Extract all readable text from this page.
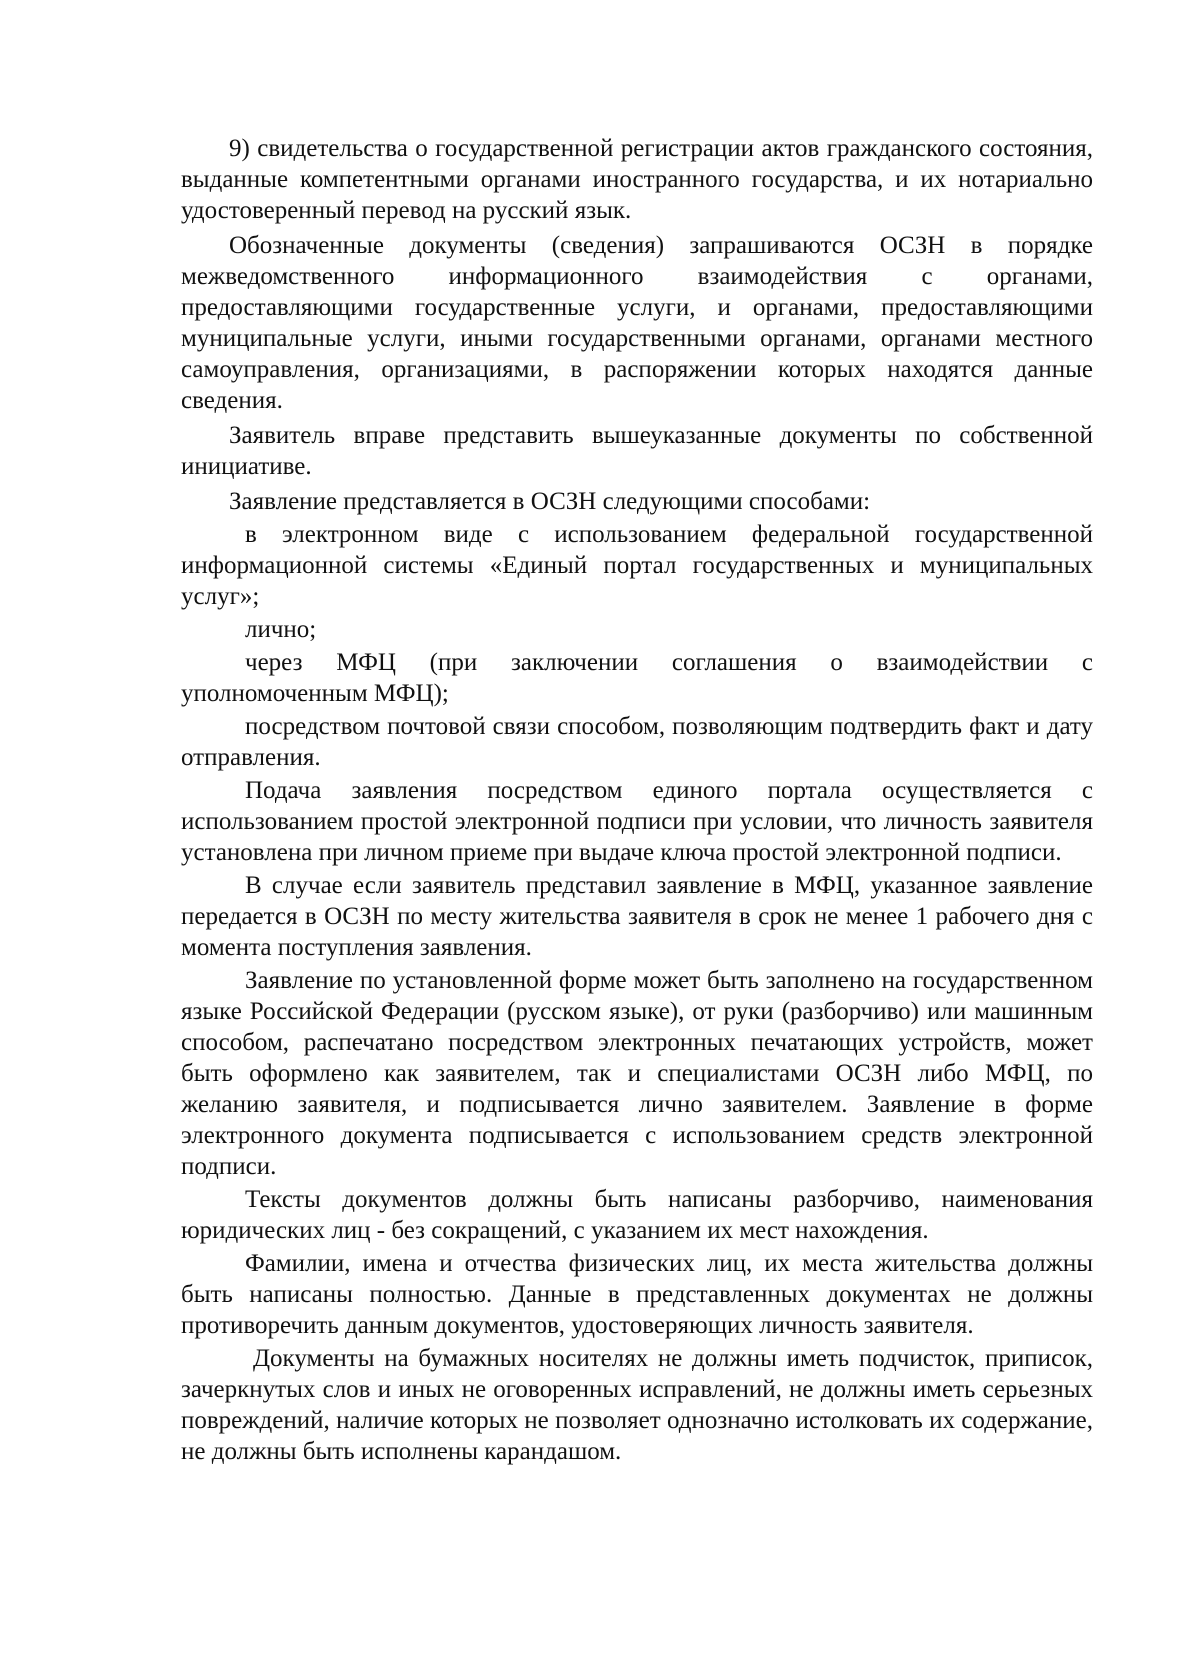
9) свидетельства о государственной регистрации актов гражданского состояния, выданные компетентными органами иностранного государства, и их нотариально удостоверенный перевод на русский язык.

Обозначенные документы (сведения) запрашиваются ОСЗН в порядке межведомственного информационного взаимодействия с органами, предоставляющими государственные услуги, и органами, предоставляющими муниципальные услуги, иными государственными органами, органами местного самоуправления, организациями, в распоряжении которых находятся данные сведения.

Заявитель вправе представить вышеуказанные документы по собственной инициативе.

Заявление представляется в ОСЗН следующими способами:

в электронном виде с использованием федеральной государственной информационной системы «Единый портал государственных и муниципальных услуг»;

лично;

через МФЦ (при заключении соглашения о взаимодействии с уполномоченным МФЦ);

посредством почтовой связи способом, позволяющим подтвердить факт и дату отправления.

Подача заявления посредством единого портала осуществляется с использованием простой электронной подписи при условии, что личность заявителя установлена при личном приеме при выдаче ключа простой электронной подписи.

В случае если заявитель представил заявление в МФЦ, указанное заявление передается в ОСЗН по месту жительства заявителя в срок не менее 1 рабочего дня с момента поступления заявления.

Заявление по установленной форме может быть заполнено на государственном языке Российской Федерации (русском языке), от руки (разборчиво) или машинным способом, распечатано посредством электронных печатающих устройств, может быть оформлено как заявителем, так и специалистами ОСЗН либо МФЦ, по желанию заявителя, и подписывается лично заявителем. Заявление в форме электронного документа подписывается с использованием средств электронной подписи.

Тексты документов должны быть написаны разборчиво, наименования юридических лиц - без сокращений, с указанием их мест нахождения.

Фамилии, имена и отчества физических лиц, их места жительства должны быть написаны полностью. Данные в представленных документах не должны противоречить данным документов, удостоверяющих личность заявителя.

Документы на бумажных носителях не должны иметь подчисток, приписок, зачеркнутых слов и иных не оговоренных исправлений, не должны иметь серьезных повреждений, наличие которых не позволяет однозначно истолковать их содержание, не должны быть исполнены карандашом.
